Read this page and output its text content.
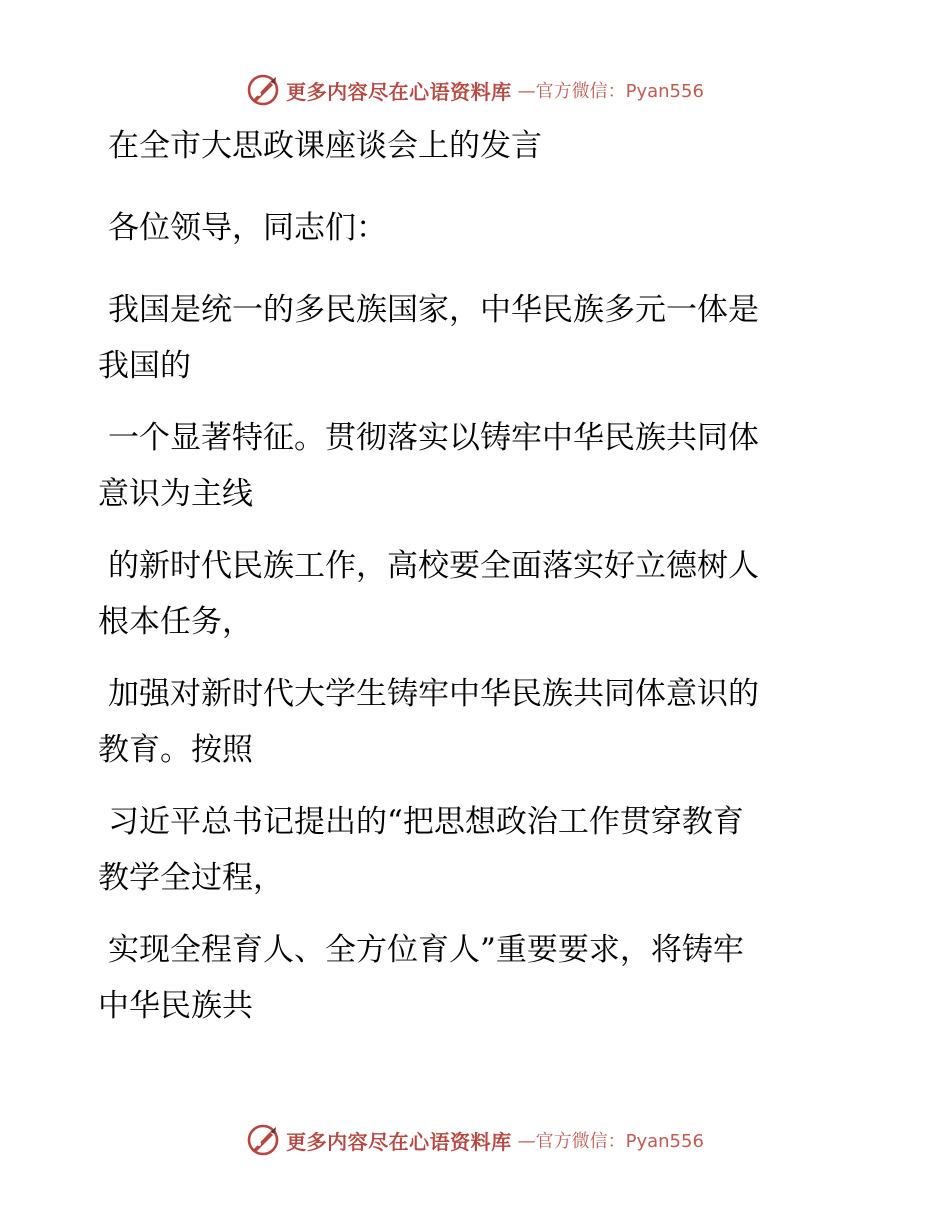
更多内容尽在心语资料库 —官方微信：Pyan556
在全市大思政课座谈会上的发言
各位领导，同志们：
我国是统一的多民族国家，中华民族多元一体是
我国的
一个显著特征。贯彻落实以铸牢中华民族共同体
意识为主线
的新时代民族工作，高校要全面落实好立德树人
根本任务，
加强对新时代大学生铸牢中华民族共同体意识的
教育。按照
习近平总书记提出的“把思想政治工作贯穿教育
教学全过程，
实现全程育人、全方位育人”重要要求，将铸牢
中华民族共
更多内容尽在心语资料库 —官方微信：Pyan556
